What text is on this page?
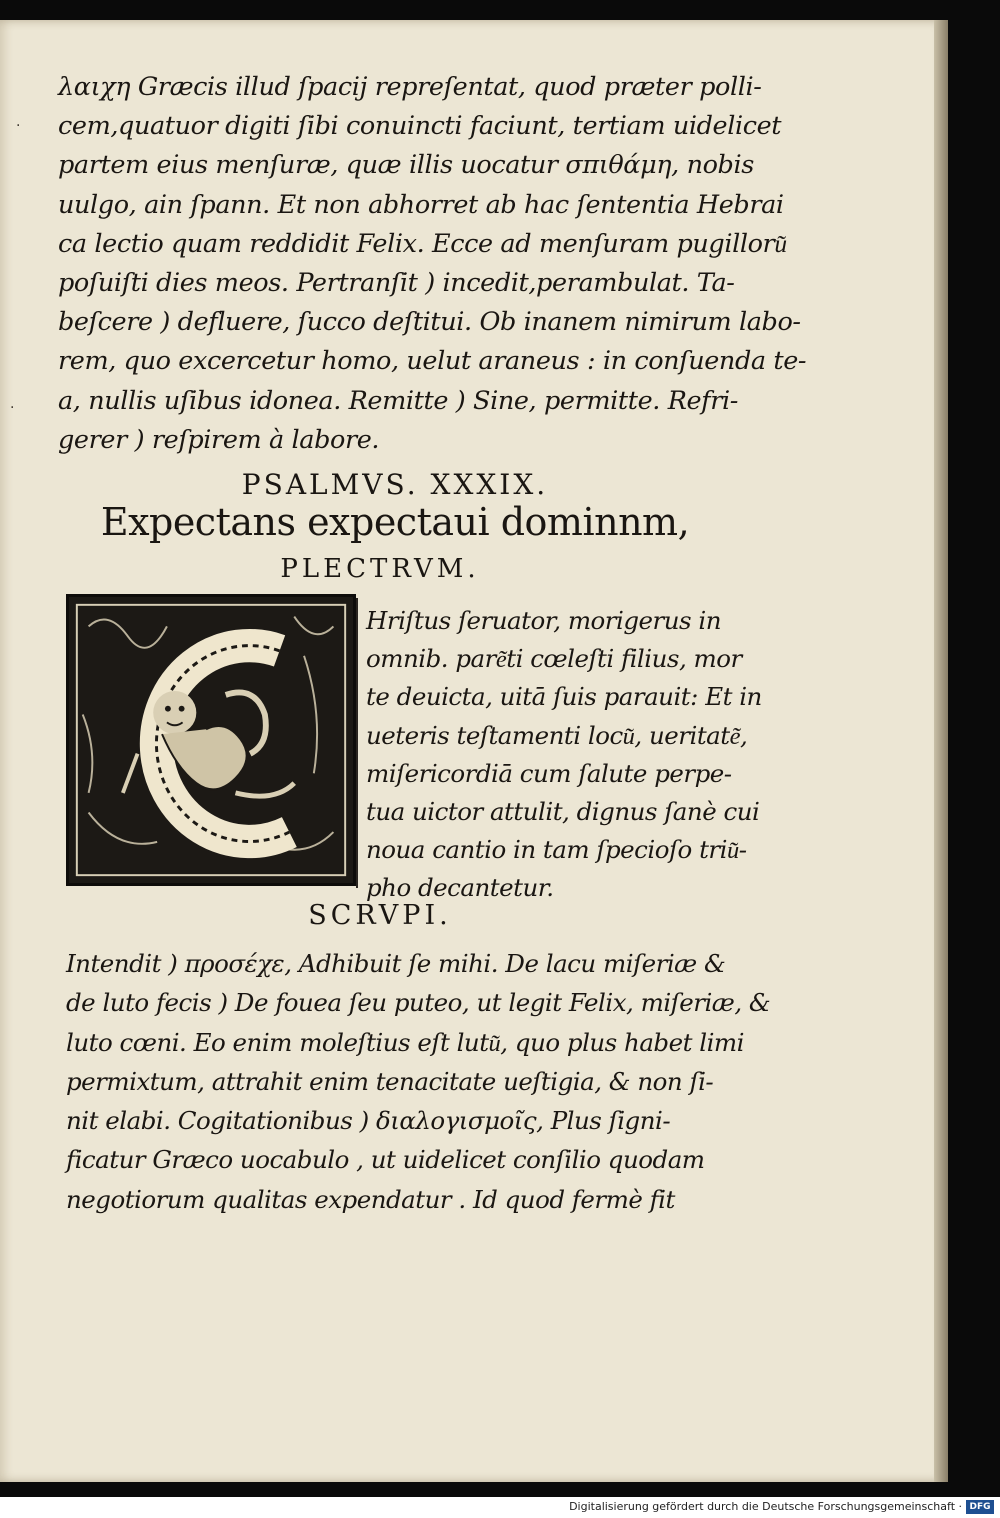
·
·
λαιχη Græcis illud ſpacij repreſentat, quod præter polli-
cem,quatuor digiti ſibi conuincti faciunt, tertiam uidelicet
partem eius menſuræ, quæ illis uocatur σπιθάμη, nobis
uulgo, ain ſpann. Et non abhorret ab hac ſententia Hebrai
ca lectio quam reddidit Felix. Ecce ad menſuram pugilloru͂
poſuiſti dies meos. Pertranſit ) incedit,perambulat. Ta-
beſcere ) defluere, ſucco deſtitui. Ob inanem nimirum labo-
rem, quo excercetur homo, uelut araneus : in conſuenda te-
a, nullis uſibus idonea. Remitte ) Sine, permitte. Refri-
gerer ) reſpirem à labore.
PSALMVS. XXXIX.
Expectans expectaui dominnm,
PLECTRVM.
Hriſtus ſeruator, morigerus in
omnib. pare͂ti cœleſti filius, mor
te deuicta, uitā ſuis parauit: Et in
ueteris teſtamenti locu͂, ueritate͂,
miſericordiā cum ſalute perpe-
tua uictor attulit, dignus ſanè cui
noua cantio in tam ſpecioſo triu͂-
pho decantetur.
SCRVPI.
Intendit ) προσέχε, Adhibuit ſe mihi. De lacu miſeriæ &
de luto fecis ) De fouea ſeu puteo, ut legit Felix, miſeriæ, &
luto cœni. Eo enim moleſtius eſt lutu͂, quo plus habet limi
permixtum, attrahit enim tenacitate ueſtigia, & non ſi-
nit elabi. Cogitationibus ) διαλογισμοῖς, Plus ſigni-
ficatur Græco uocabulo , ut uidelicet conſilio quodam
negotiorum qualitas expendatur . Id quod fermè fit
Digitalisierung gefördert durch die Deutsche Forschungsgemeinschaft · DFG
